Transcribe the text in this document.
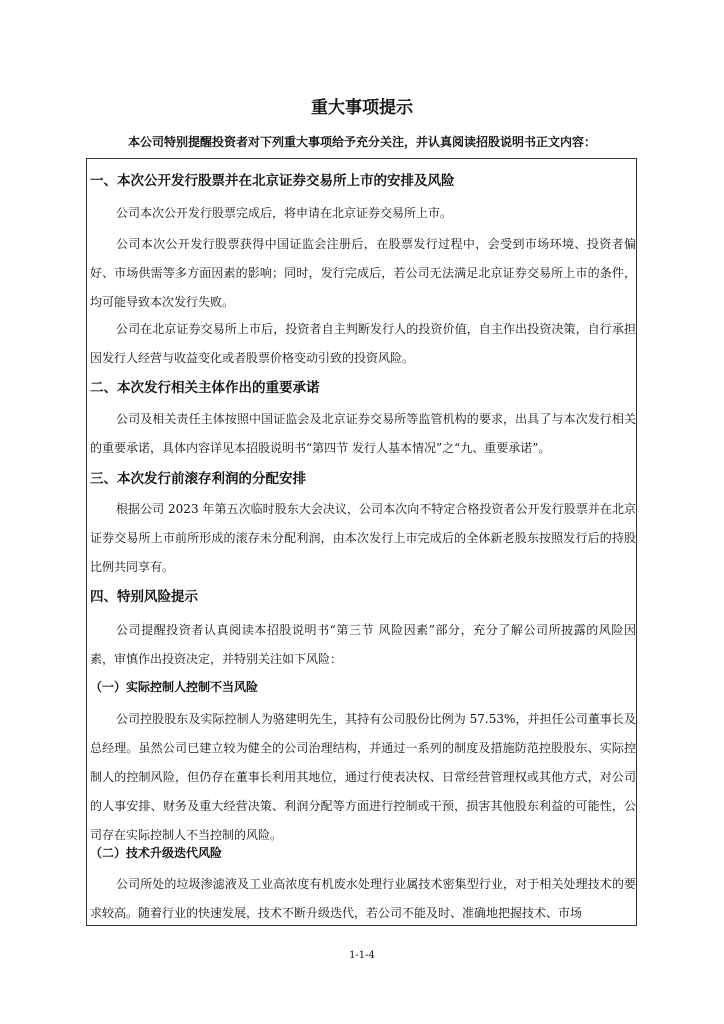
重大事项提示
本公司特别提醒投资者对下列重大事项给予充分关注，并认真阅读招股说明书正文内容：
一、本次公开发行股票并在北京证券交易所上市的安排及风险
公司本次公开发行股票完成后，将申请在北京证券交易所上市。
公司本次公开发行股票获得中国证监会注册后，在股票发行过程中，会受到市场环境、投资者偏好、市场供需等多方面因素的影响；同时，发行完成后，若公司无法满足北京证券交易所上市的条件，均可能导致本次发行失败。
公司在北京证券交易所上市后，投资者自主判断发行人的投资价值，自主作出投资决策，自行承担因发行人经营与收益变化或者股票价格变动引致的投资风险。
二、本次发行相关主体作出的重要承诺
公司及相关责任主体按照中国证监会及北京证券交易所等监管机构的要求，出具了与本次发行相关的重要承诺，具体内容详见本招股说明书“第四节 发行人基本情况”之“九、重要承诺”。
三、本次发行前滚存利润的分配安排
根据公司 2023 年第五次临时股东大会决议，公司本次向不特定合格投资者公开发行股票并在北京证券交易所上市前所形成的滚存未分配利润，由本次发行上市完成后的全体新老股东按照发行后的持股比例共同享有。
四、特别风险提示
公司提醒投资者认真阅读本招股说明书“第三节 风险因素”部分，充分了解公司所披露的风险因素，审慎作出投资决定，并特别关注如下风险：
（一）实际控制人控制不当风险
公司控股股东及实际控制人为骆建明先生，其持有公司股份比例为 57.53%，并担任公司董事长及总经理。虽然公司已建立较为健全的公司治理结构，并通过一系列的制度及措施防范控股股东、实际控制人的控制风险，但仍存在董事长利用其地位，通过行使表决权、日常经营管理权或其他方式，对公司的人事安排、财务及重大经营决策、利润分配等方面进行控制或干预，损害其他股东利益的可能性，公司存在实际控制人不当控制的风险。
（二）技术升级迭代风险
公司所处的垃圾渗滤液及工业高浓度有机废水处理行业属技术密集型行业，对于相关处理技术的要求较高。随着行业的快速发展，技术不断升级迭代，若公司不能及时、准确地把握技术、市场
1-1-4
